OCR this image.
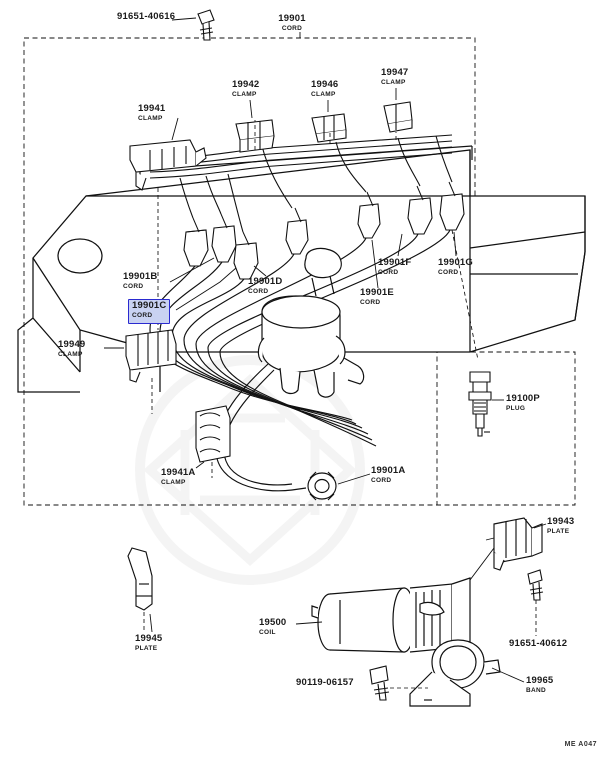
91651-40616	19901
CORD
19941
CLAMP
19942
CLAMP
19946
CLAMP
19947
CLAMP
19901B
CORD
19901C
CORD
19901D
CORD	19901E
CORD
19901F
CORD
19901G
CORD
19949
CLAMP
19100P
PLUG
19941A
CLAMP
19901A
CORD
19943
PLATE
91651-40612
19945
PLATE
19500
COIL
90119-06157	19965
BAND
ME A047
